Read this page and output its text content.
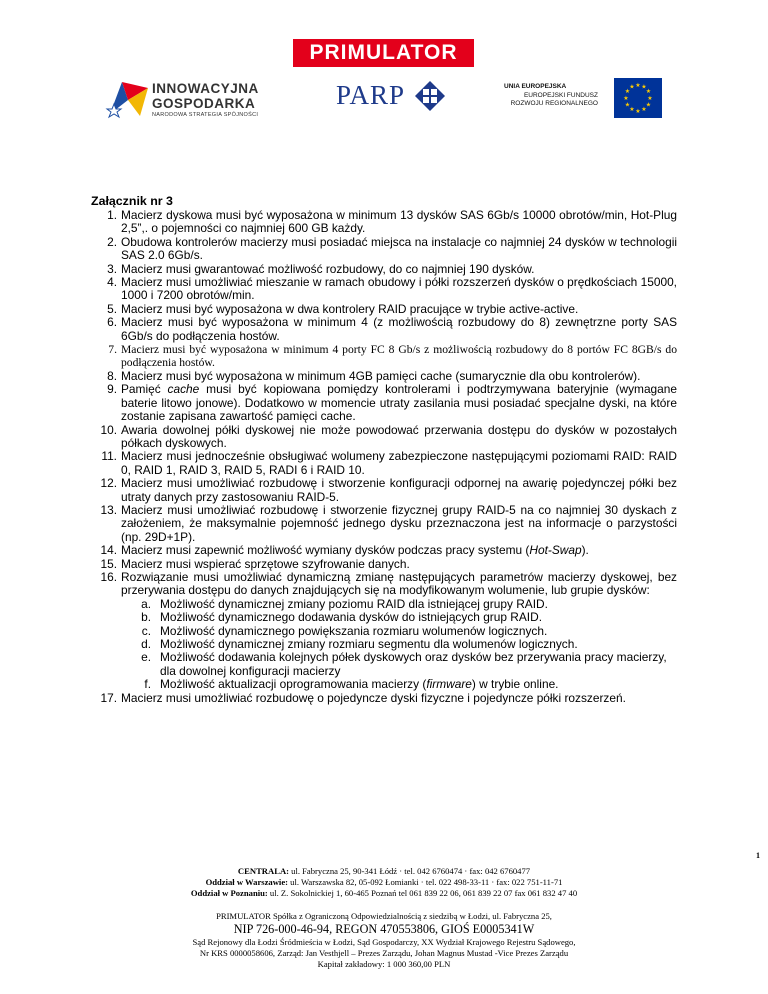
PRIMULATOR
INNOWACYJNA
GOSPODARKA
NARODOWA STRATEGIA SPÓJNOŚCI
PARP	UNIA EUROPEJSKA
EUROPEJSKI FUNDUSZ
ROZWOJU REGIONALNEGO
★ ★
★
★
★
★
★
★
★
★
★
★
Załącznik nr 3
1. Macierz dyskowa musi być wyposażona w minimum 13 dysków SAS 6Gb/s 10000 obrotów/min, Hot-Plug 2,5”,. o pojemności co najmniej 600 GB każdy.
2. Obudowa kontrolerów macierzy musi posiadać miejsca na instalacje co najmniej 24 dysków w technologii SAS 2.0 6Gb/s.
3. Macierz musi gwarantować możliwość rozbudowy, do co najmniej 190 dysków.
4. Macierz musi umożliwiać mieszanie w ramach obudowy i półki rozszerzeń dysków o prędkościach 15000, 1000 i 7200 obrotów/min.
5. Macierz musi być wyposażona w dwa kontrolery RAID pracujące w trybie active-active.
6. Macierz musi być wyposażona w minimum 4 (z możliwością rozbudowy do 8) zewnętrzne porty SAS 6Gb/s do podłączenia hostów.
7. Macierz musi być wyposażona w minimum 4 porty FC 8 Gb/s z możliwością rozbudowy do 8 portów FC 8GB/s do podłączenia hostów.
8. Macierz musi być wyposażona w minimum 4GB pamięci cache (sumarycznie dla obu kontrolerów).
9. Pamięć cache musi być kopiowana pomiędzy kontrolerami i podtrzymywana bateryjnie (wymagane baterie litowo jonowe). Dodatkowo w momencie utraty zasilania musi posiadać specjalne dyski, na które zostanie zapisana zawartość pamięci cache.
10. Awaria dowolnej półki dyskowej nie może powodować przerwania dostępu do dysków w pozostałych półkach dyskowych.
11. Macierz musi jednocześnie obsługiwać wolumeny zabezpieczone następującymi poziomami RAID: RAID 0, RAID 1, RAID 3, RAID 5, RADI 6 i RAID 10.
12. Macierz musi umożliwiać rozbudowę i stworzenie konfiguracji odpornej na awarię pojedynczej półki bez utraty danych przy zastosowaniu RAID-5.
13. Macierz musi umożliwiać rozbudowę i stworzenie fizycznej grupy RAID-5 na co najmniej 30 dyskach z założeniem, że maksymalnie pojemność jednego dysku przeznaczona jest na informacje o parzystości (np. 29D+1P).
14. Macierz musi zapewnić możliwość wymiany dysków podczas pracy systemu (Hot-Swap).
15. Macierz musi wspierać sprzętowe szyfrowanie danych.
16. Rozwiązanie musi umożliwiać dynamiczną zmianę następujących parametrów macierzy dyskowej, bez przerywania dostępu do danych znajdujących się na modyfikowanym wolumenie, lub grupie dysków:
a. Możliwość dynamicznej zmiany poziomu RAID dla istniejącej grupy RAID.
b. Możliwość dynamicznego dodawania dysków do istniejących grup RAID.
c. Możliwość dynamicznego powiększania rozmiaru wolumenów logicznych.
d. Możliwość dynamicznej zmiany rozmiaru segmentu dla wolumenów logicznych.
e. Możliwość dodawania kolejnych półek dyskowych oraz dysków bez przerywania pracy macierzy, dla dowolnej konfiguracji macierzy
f. Możliwość aktualizacji oprogramowania macierzy (firmware) w trybie online.
17. Macierz musi umożliwiać rozbudowę o pojedyncze dyski fizyczne i pojedyncze półki rozszerzeń.
1
CENTRALA: ul. Fabryczna 25, 90-341 Łódź · tel. 042 6760474 · fax: 042 6760477
Oddział w Warszawie: ul. Warszawska 82, 05-092 Łomianki · tel. 022 498-33-11 · fax: 022 751-11-71
Oddział w Poznaniu: ul. Z. Sokolnickiej 1, 60-465 Poznań tel 061 839 22 06, 061 839 22 07 fax 061 832 47 40
PRIMULATOR Spółka z Ograniczoną Odpowiedzialnością z siedzibą w Łodzi, ul. Fabryczna 25,
NIP 726-000-46-94, REGON 470553806, GIOŚ E0005341W
Sąd Rejonowy dla Łodzi Śródmieścia w Łodzi, Sąd Gospodarczy, XX Wydział Krajowego Rejestru Sądowego,
Nr KRS 0000058606, Zarząd: Jan Vesthjell – Prezes Zarządu, Johan Magnus Mustad -Vice Prezes Zarządu
Kapitał zakładowy: 1 000 360,00 PLN
